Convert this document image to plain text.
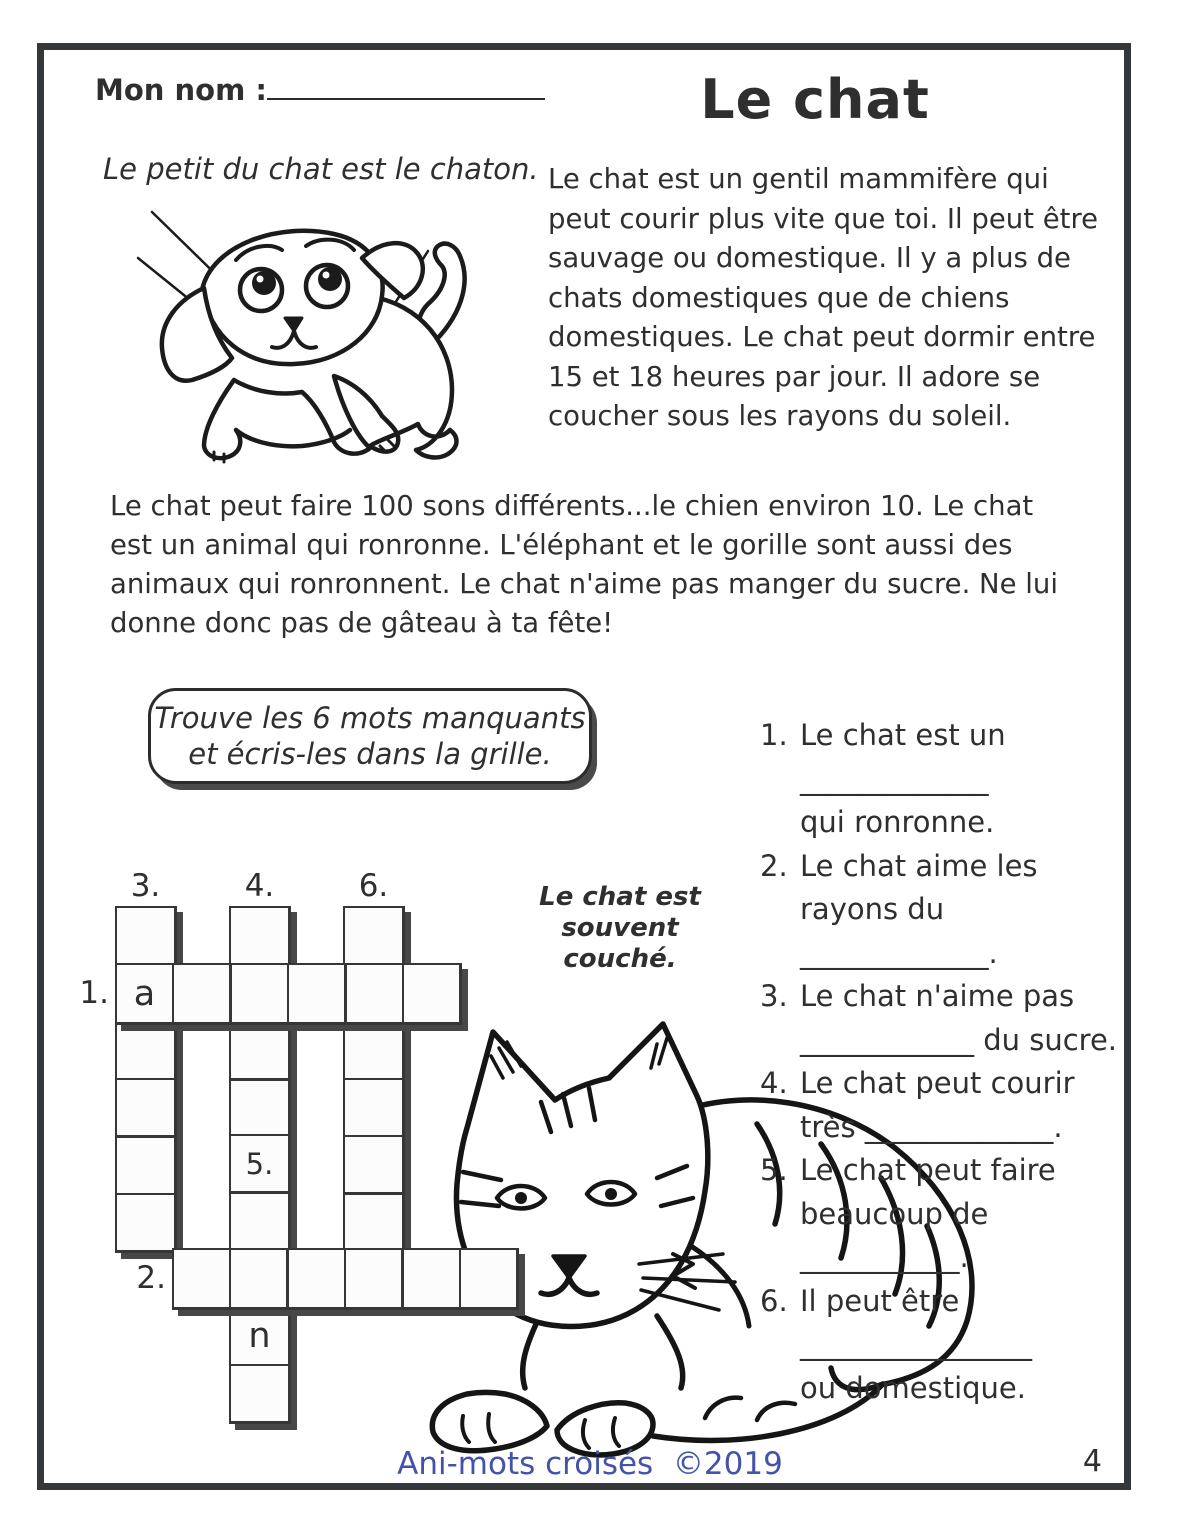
Mon nom :	Le chat
Le petit du chat est le chaton. Le chat est un gentil mammifère qui peut courir plus vite que toi. Il peut être sauvage ou domestique. Il y a plus de chats domestiques que de chiens domestiques. Le chat peut dormir entre 15 et 18 heures par jour. Il adore se coucher sous les rayons du soleil.
Le chat peut faire 100 sons différents...le chien environ 10. Le chat est un animal qui ronronne. L'éléphant et le gorille sont aussi des animaux qui ronronnent. Le chat n'aime pas manger du sucre. Ne lui donne donc pas de gâteau à ta fête!
Trouve les 6 mots manquants
et écris-les dans la grille.
Le chat est
souvent
couché.
5.
n
a
3.	4.	6.
1.
2.
1. Le chat est un
_____________
qui ronronne.
2. Le chat aime les
rayons du
_____________.
3. Le chat n'aime pas
____________ du sucre.
4. Le chat peut courir
très _____________.
5. Le chat peut faire
beaucoup de
___________.
6. Il peut être
________________
ou domestique.
Ani-mots croisés ©2019	4
